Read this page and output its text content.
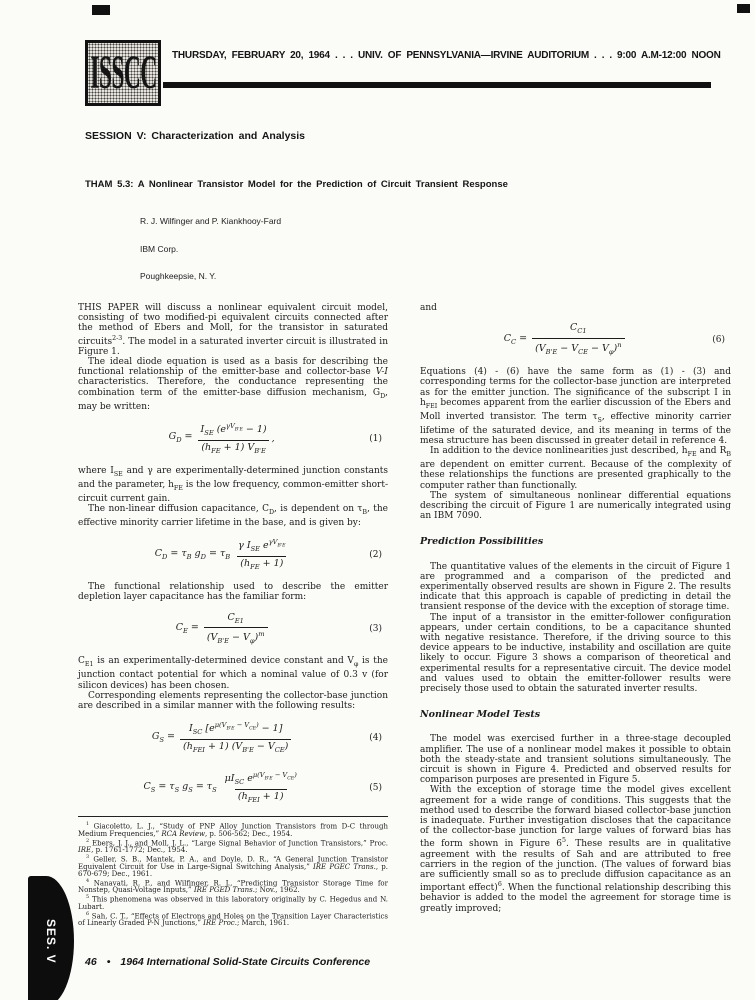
ISSCC THURSDAY, FEBRUARY 20, 1964 . . . UNIV. OF PENNSYLVANIA—IRVINE AUDITORIUM . . . 9:00 A.M-12:00 NOON
SESSION V: Characterization and Analysis
THAM 5.3: A Nonlinear Transistor Model for the Prediction of Circuit Transient Response
R. J. Wilfinger and P. Kiankhooy-Fard
IBM Corp.
Poughkeepsie, N. Y.

THIS PAPER will discuss a nonlinear equivalent circuit model, consisting of two modified-pi equivalent circuits connected after the method of Ebers and Moll, for the transistor in saturated circuits$^{2-3}$. The model in a saturated inverter circuit is illustrated in Figure 1.

The ideal diode equation is used as a basis for describing the functional relationship of the emitter-base and collector-base V-I characteristics. Therefore, the conductance representing the combination term of the emitter-base diffusion mechanism, $G_D$, may be written:

$G_D = \frac{I_{SE} (e^{\gamma V_{B'E}} - 1)}{(h_{FE} + 1) V_{B'E}}$ ,	(1)

where $I_{SE}$ and γ are experimentally-determined junction constants and the parameter, $h_{FE}$ is the low frequency, common-emitter short-circuit current gain.

The non-linear diffusion capacitance, $C_D$, is dependent on $\tau_B$, the effective minority carrier lifetime in the base, and is given by:

$C_D = \tau_B$ $g_D = \tau_B \frac{\gamma I_{SE} e^{\gamma V_{B'E}}}{(h_{FE} + 1)}$	(2)

The functional relationship used to describe the emitter depletion layer capacitance has the familiar form:

$C_E = \frac{C_{E1}}{(V_{B'E} - V_\varphi)^m}$	(3)

$C_{E1}$ is an experimentally-determined device constant and $V_\varphi$ is the junction contact potential for which a nominal value of 0.3 v (for silicon devices) has been chosen.

Corresponding elements representing the collector-base junction are described in a similar manner with the following results:

$G_S = \frac{I_{SC} [e^{\mu(V_{B'E} - V_{CE})} - 1]}{(h_{FEI} + 1) (V_{B'E} - V_{CE})}$	(4)
$C_S = \tau_S$ $g_S = \tau_S \frac{\mu I_{SC} e^{\mu(V_{B'E} - V_{CE})}}{(h_{FEI} + 1)}$	(5)

$^1$ Giacoletto, L. J., “Study of PNP Alloy Junction Transistors from D-C through Medium Frequencies,” RCA Review, p. 506-562; Dec., 1954.

$^2$ Ebers, J. J., and Moll, J. L., “Large Signal Behavior of Junction Transistors,” Proc. IRE, p. 1761-1772; Dec., 1954.

$^3$ Geller, S. B., Mantek, P. A., and Doyle, D. R., “A General Junction Transistor Equivalent Circuit for Use in Large-Signal Switching Analysis,” IRE PGEC Trans., p. 670-679; Dec., 1961.

$^4$ Nanavati, R. P., and Wilfinger, R. J., “Predicting Transistor Storage Time for Nonstep, Quasi-Voltage Inputs,” IRE PGED Trans.; Nov., 1962.

$^5$ This phenomena was observed in this laboratory originally by C. Hegedus and N. Lubart.

$^6$ Sah, C. T., “Effects of Electrons and Holes on the Transition Layer Characteristics of Linearly Graded P-N Junctions,” IRE Proc.; March, 1961.

and

$C_C = \frac{C_{C1}}{(V_{B'E} - V_{CE} - V_\varphi)^n}$	(6)

Equations (4) - (6) have the same form as (1) - (3) and corresponding terms for the collector-base junction are interpreted as for the emitter junction. The significance of the subscript I in $h_{FEI}$ becomes apparent from the earlier discussion of the Ebers and Moll inverted transistor. The term $\tau_S$, effective minority carrier lifetime of the saturated device, and its meaning in terms of the mesa structure has been discussed in greater detail in reference 4.

In addition to the device nonlinearities just described, $h_{FE}$ and $R_B$ are dependent on emitter current. Because of the complexity of these relationships the functions are presented graphically to the computer rather than functionally.

The system of simultaneous nonlinear differential equations describing the circuit of Figure 1 are numerically integrated using an IBM 7090.

Prediction Possibilities

The quantitative values of the elements in the circuit of Figure 1 are programmed and a comparison of the predicted and experimentally observed results are shown in Figure 2. The results indicate that this approach is capable of predicting in detail the transient response of the device with the exception of storage time.

The input of a transistor in the emitter-follower configuration appears, under certain conditions, to be a capacitance shunted with negative resistance. Therefore, if the driving source to this device appears to be inductive, instability and oscillation are quite likely to occur. Figure 3 shows a comparison of theoretical and experimental results for a representative circuit. The device model and values used to obtain the emitter-follower results were precisely those used to obtain the saturated inverter results.

Nonlinear Model Tests

The model was exercised further in a three-stage decoupled amplifier. The use of a nonlinear model makes it possible to obtain both the steady-state and transient solutions simultaneously. The circuit is shown in Figure 4. Predicted and observed results for comparison purposes are presented in Figure 5.

With the exception of storage time the model gives excellent agreement for a wide range of conditions. This suggests that the method used to describe the forward biased collector-base junction is inadequate. Further investigation discloses that the capacitance of the collector-base junction for large values of forward bias has the form shown in Figure $6^5$. These results are in qualitative agreement with the results of Sah and are attributed to free carriers in the region of the junction. (The values of forward bias are sufficiently small so as to preclude diffusion capacitance as an important effect)$^6$. When the functional relationship describing this behavior is added to the model the agreement for storage time is greatly improved;

SES. V	46 • 1964 International Solid-State Circuits Conference
